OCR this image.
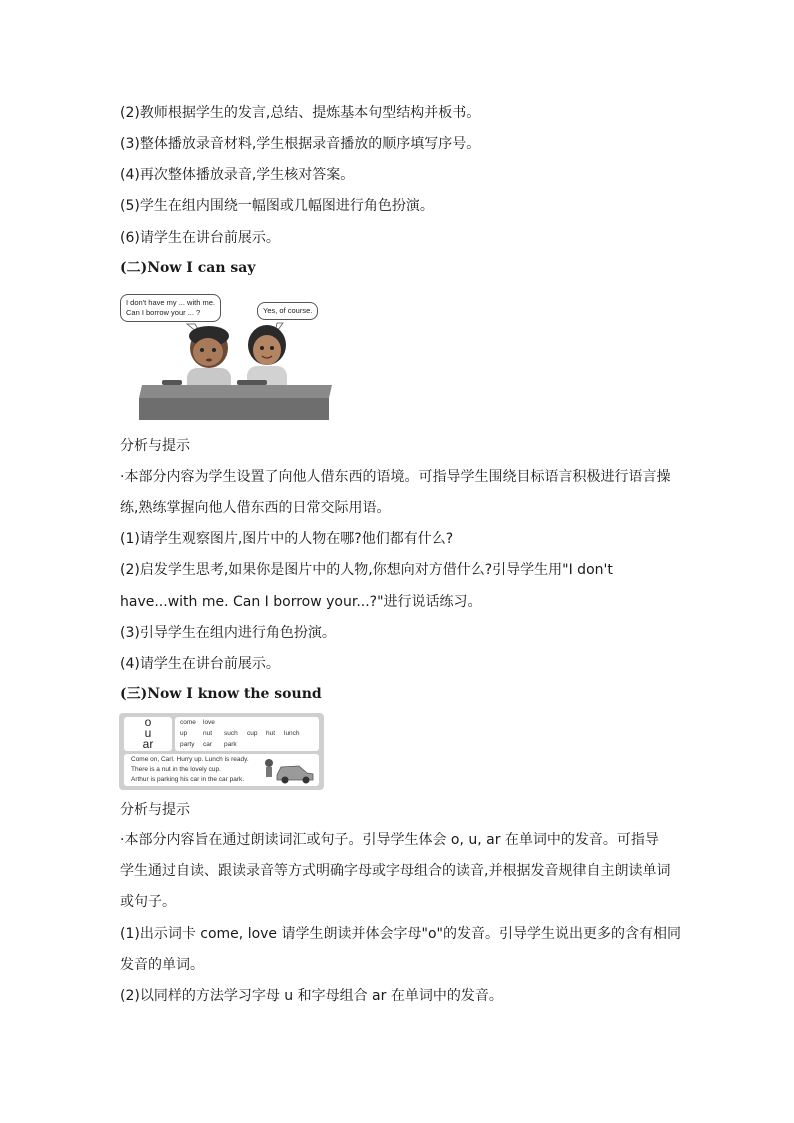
(2)教师根据学生的发言,总结、提炼基本句型结构并板书。
(3)整体播放录音材料,学生根据录音播放的顺序填写序号。
(4)再次整体播放录音,学生核对答案。
(5)学生在组内围绕一幅图或几幅图进行角色扮演。
(6)请学生在讲台前展示。
(二)Now I can say
I don't have my ... with me.
Can I borrow your ... ?	Yes, of course.
分析与提示
·本部分内容为学生设置了向他人借东西的语境。可指导学生围绕目标语言积极进行语言操
练,熟练掌握向他人借东西的日常交际用语。
(1)请学生观察图片,图片中的人物在哪?他们都有什么?
(2)启发学生思考,如果你是图片中的人物,你想向对方借什么?引导学生用"I don't
have...with me. Can I borrow your...?"进行说话练习。
(3)引导学生在组内进行角色扮演。
(4)请学生在讲台前展示。
(三)Now I know the sound
o
u
ar
come love
up nut such cup hut lunch
party car park
Come on, Carl. Hurry up. Lunch is ready.
There is a nut in the lovely cup.
Arthur is parking his car in the car park.
分析与提示
·本部分内容旨在通过朗读词汇或句子。引导学生体会 o, u, ar 在单词中的发音。可指导
学生通过自读、跟读录音等方式明确字母或字母组合的读音,并根据发音规律自主朗读单词
或句子。
(1)出示词卡 come, love 请学生朗读并体会字母"o"的发音。引导学生说出更多的含有相同
发音的单词。
(2)以同样的方法学习字母 u 和字母组合 ar 在单词中的发音。
